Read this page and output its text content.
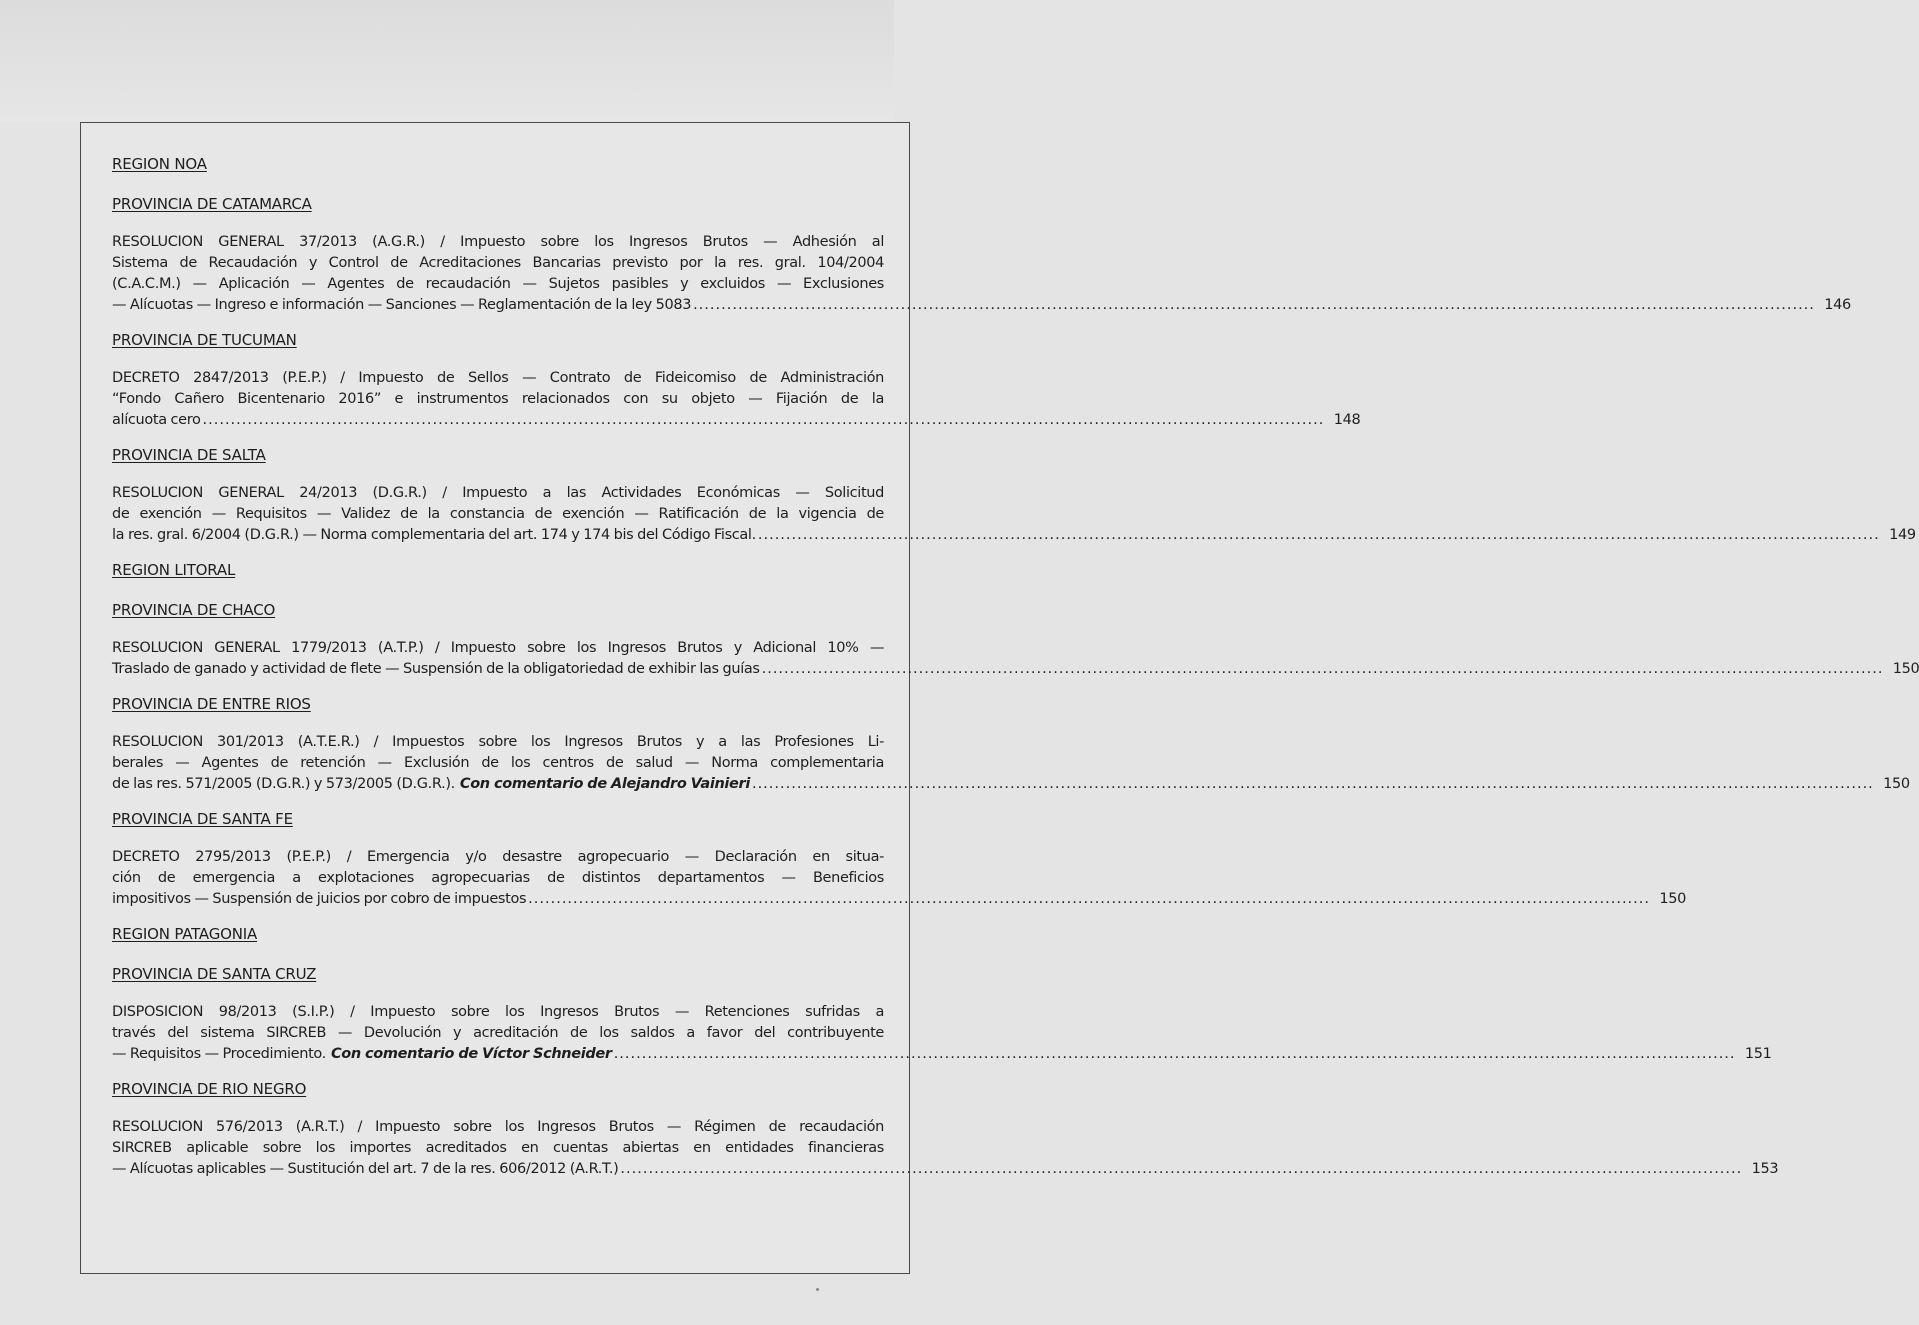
REGION NOA
PROVINCIA DE CATAMARCA
RESOLUCION GENERAL 37/2013 (A.G.R.) / Impuesto sobre los Ingresos Brutos — Adhesión al
Sistema de Recaudación y Control de Acreditaciones Bancarias previsto por la res. gral. 104/2004
(C.A.C.M.) — Aplicación — Agentes de recaudación — Sujetos pasibles y excluidos — Exclusiones
— Alícuotas — Ingreso e información — Sanciones — Reglamentación de la ley 5083 ........................................................................................................................................................................................................ 146
PROVINCIA DE TUCUMAN
DECRETO 2847/2013 (P.E.P.) / Impuesto de Sellos — Contrato de Fideicomiso de Administración
“Fondo Cañero Bicentenario 2016” e instrumentos relacionados con su objeto — Fijación de la
alícuota cero ........................................................................................................................................................................................................ 148
PROVINCIA DE SALTA
RESOLUCION GENERAL 24/2013 (D.G.R.) / Impuesto a las Actividades Económicas — Solicitud
de exención — Requisitos — Validez de la constancia de exención — Ratificación de la vigencia de
la res. gral. 6/2004 (D.G.R.) — Norma complementaria del art. 174 y 174 bis del Código Fiscal. ........................................................................................................................................................................................................ 149
REGION LITORAL
PROVINCIA DE CHACO
RESOLUCION GENERAL 1779/2013 (A.T.P.) / Impuesto sobre los Ingresos Brutos y Adicional 10% —
Traslado de ganado y actividad de flete — Suspensión de la obligatoriedad de exhibir las guías ........................................................................................................................................................................................................ 150
PROVINCIA DE ENTRE RIOS
RESOLUCION 301/2013 (A.T.E.R.) / Impuestos sobre los Ingresos Brutos y a las Profesiones Li-
berales — Agentes de retención — Exclusión de los centros de salud — Norma complementaria
de las res. 571/2005 (D.G.R.) y 573/2005 (D.G.R.). Con comentario de Alejandro Vainieri ........................................................................................................................................................................................................ 150
PROVINCIA DE SANTA FE
DECRETO 2795/2013 (P.E.P.) / Emergencia y/o desastre agropecuario — Declaración en situa-
ción de emergencia a explotaciones agropecuarias de distintos departamentos — Beneficios
impositivos — Suspensión de juicios por cobro de impuestos ........................................................................................................................................................................................................ 150
REGION PATAGONIA
PROVINCIA DE SANTA CRUZ
DISPOSICION 98/2013 (S.I.P.) / Impuesto sobre los Ingresos Brutos — Retenciones sufridas a
través del sistema SIRCREB — Devolución y acreditación de los saldos a favor del contribuyente
— Requisitos — Procedimiento. Con comentario de Víctor Schneider ........................................................................................................................................................................................................ 151
PROVINCIA DE RIO NEGRO
RESOLUCION 576/2013 (A.R.T.) / Impuesto sobre los Ingresos Brutos — Régimen de recaudación
SIRCREB aplicable sobre los importes acreditados en cuentas abiertas en entidades financieras
— Alícuotas aplicables — Sustitución del art. 7 de la res. 606/2012 (A.R.T.) ........................................................................................................................................................................................................ 153
